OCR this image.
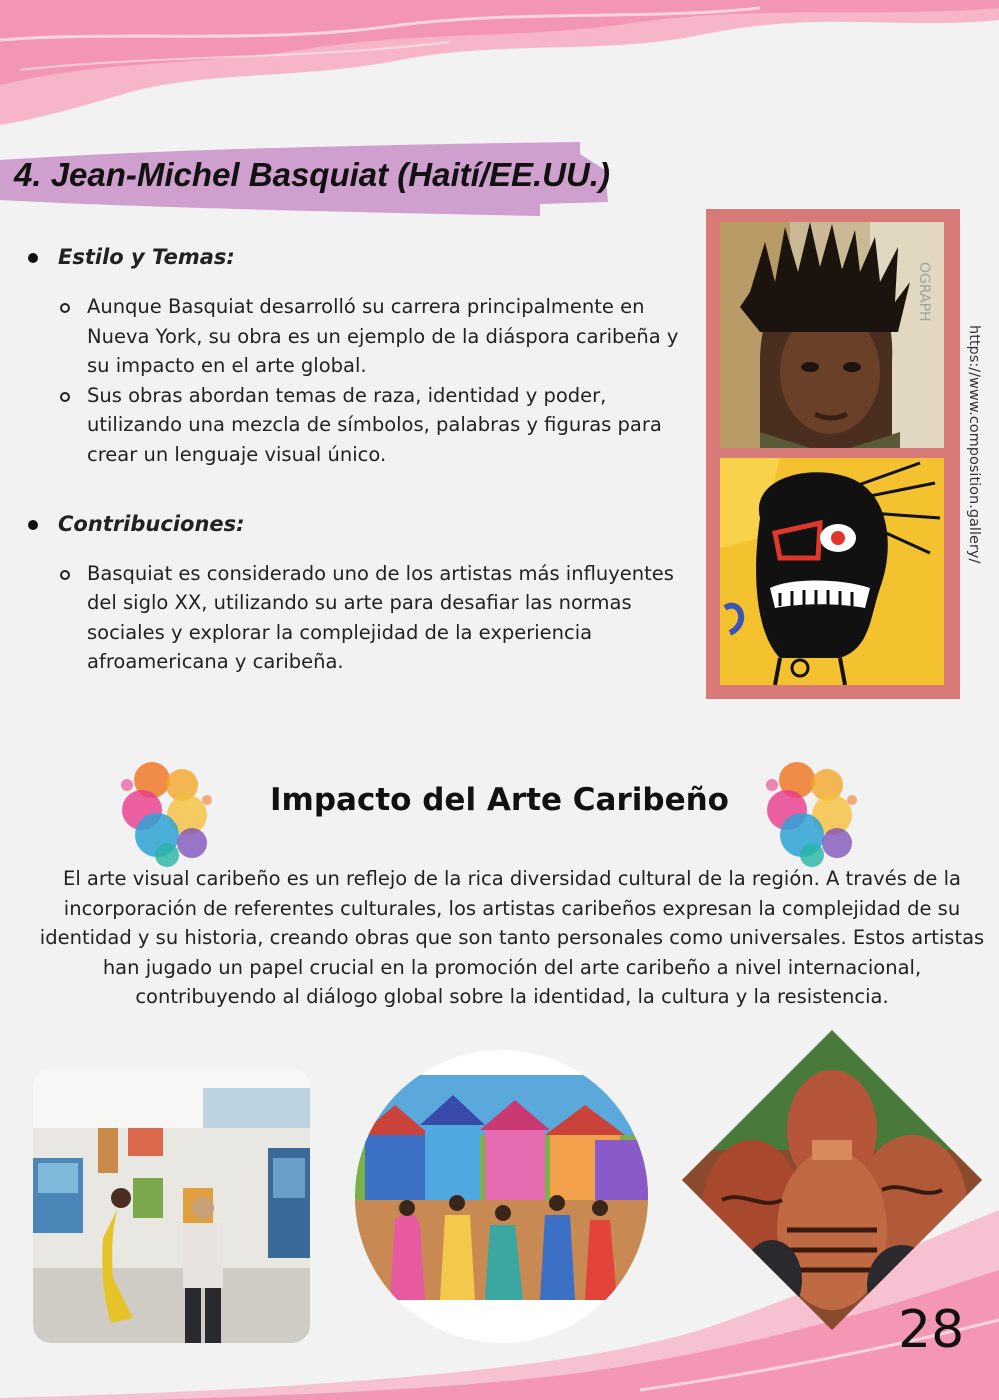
4. Jean-Michel Basquiat (Haití/EE.UU.)
Estilo y Temas:
Aunque Basquiat desarrolló su carrera principalmente en Nueva York, su obra es un ejemplo de la diáspora caribeña y su impacto en el arte global.
Sus obras abordan temas de raza, identidad y poder, utilizando una mezcla de símbolos, palabras y figuras para crear un lenguaje visual único.
Contribuciones:
Basquiat es considerado uno de los artistas más influyentes del siglo XX, utilizando su arte para desafiar las normas sociales y explorar la complejidad de la experiencia afroamericana y caribeña.
OGRAPH
https://www.composition.gallery/
Impacto del Arte Caribeño

El arte visual caribeño es un reflejo de la rica diversidad cultural de la región. A través de la incorporación de referentes culturales, los artistas caribeños expresan la complejidad de su identidad y su historia, creando obras que son tanto personales como universales. Estos artistas han jugado un papel crucial en la promoción del arte caribeño a nivel internacional, contribuyendo al diálogo global sobre la identidad, la cultura y la resistencia.

28
